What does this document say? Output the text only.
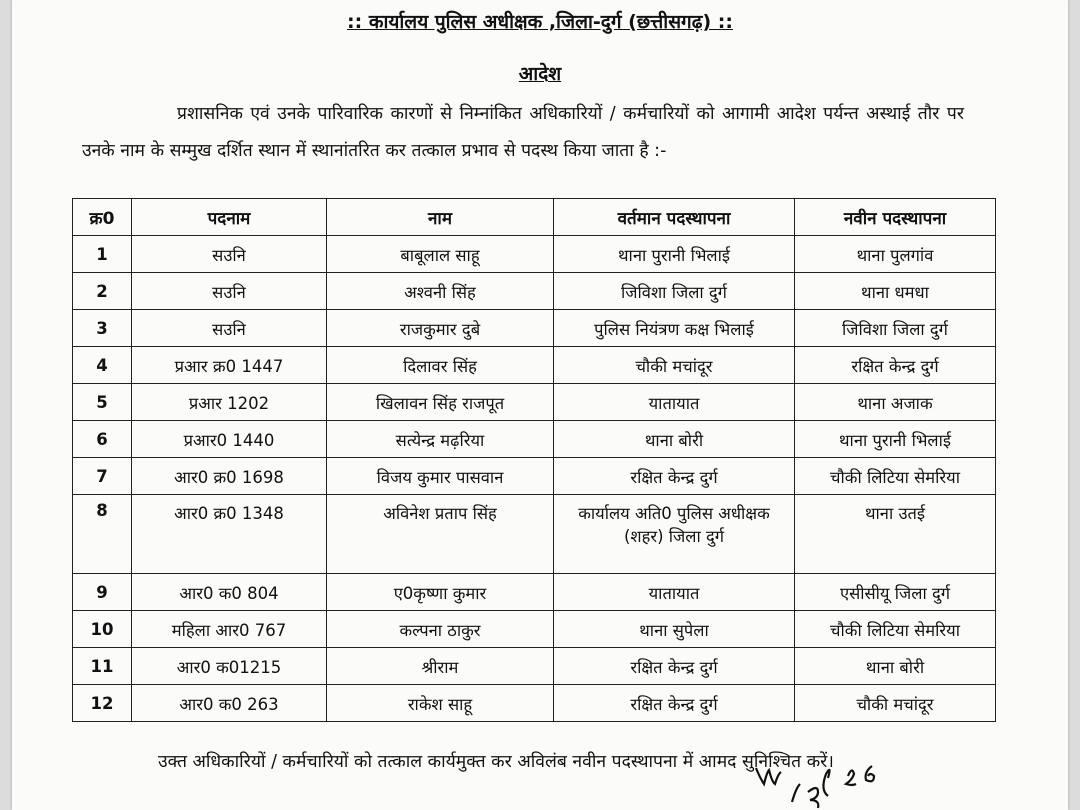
:: कार्यालय पुलिस अधीक्षक ,जिला-दुर्ग (छत्तीसगढ़) ::
आदेश
प्रशासनिक एवं उनके पारिवारिक कारणों से निम्नांकित अधिकारियों / कर्मचारियों को आगामी आदेश पर्यन्त अस्थाई तौर पर उनके नाम के सम्मुख दर्शित स्थान में स्थानांतरित कर तत्काल प्रभाव से पदस्थ किया जाता है :-
क्र0	पदनाम	नाम	वर्तमान पदस्थापना	नवीन पदस्थापना
1	सउनि	बाबूलाल साहू	थाना पुरानी भिलाई	थाना पुलगांव
2	सउनि	अश्वनी सिंह	जिविशा जिला दुर्ग	थाना धमधा
3	सउनि	राजकुमार दुबे	पुलिस नियंत्रण कक्ष भिलाई	जिविशा जिला दुर्ग
4	प्रआर क्र0 1447	दिलावर सिंह	चौकी मचांदूर	रक्षित केन्द्र दुर्ग
5	प्रआर 1202	खिलावन सिंह राजपूत	यातायात	थाना अजाक
6	प्रआर0 1440	सत्येन्द्र मढ़रिया	थाना बोरी	थाना पुरानी भिलाई
7	आर0 क्र0 1698	विजय कुमार पासवान	रक्षित केन्द्र दुर्ग	चौकी लिटिया सेमरिया
8	आर0 क्र0 1348	अविनेश प्रताप सिंह	कार्यालय अति0 पुलिस अधीक्षक (शहर) जिला दुर्ग	थाना उतई
9	आर0 क0 804	ए0कृष्णा कुमार	यातायात	एसीसीयू जिला दुर्ग
10	महिला आर0 767	कल्पना ठाकुर	थाना सुपेला	चौकी लिटिया सेमरिया
11	आर0 क01215	श्रीराम	रक्षित केन्द्र दुर्ग	थाना बोरी
12	आर0 क0 263	राकेश साहू	रक्षित केन्द्र दुर्ग	चौकी मचांदूर
उक्त अधिकारियों / कर्मचारियों को तत्काल कार्यमुक्त कर अविलंब नवीन पदस्थापना में आमद सुनिश्चित करें।
